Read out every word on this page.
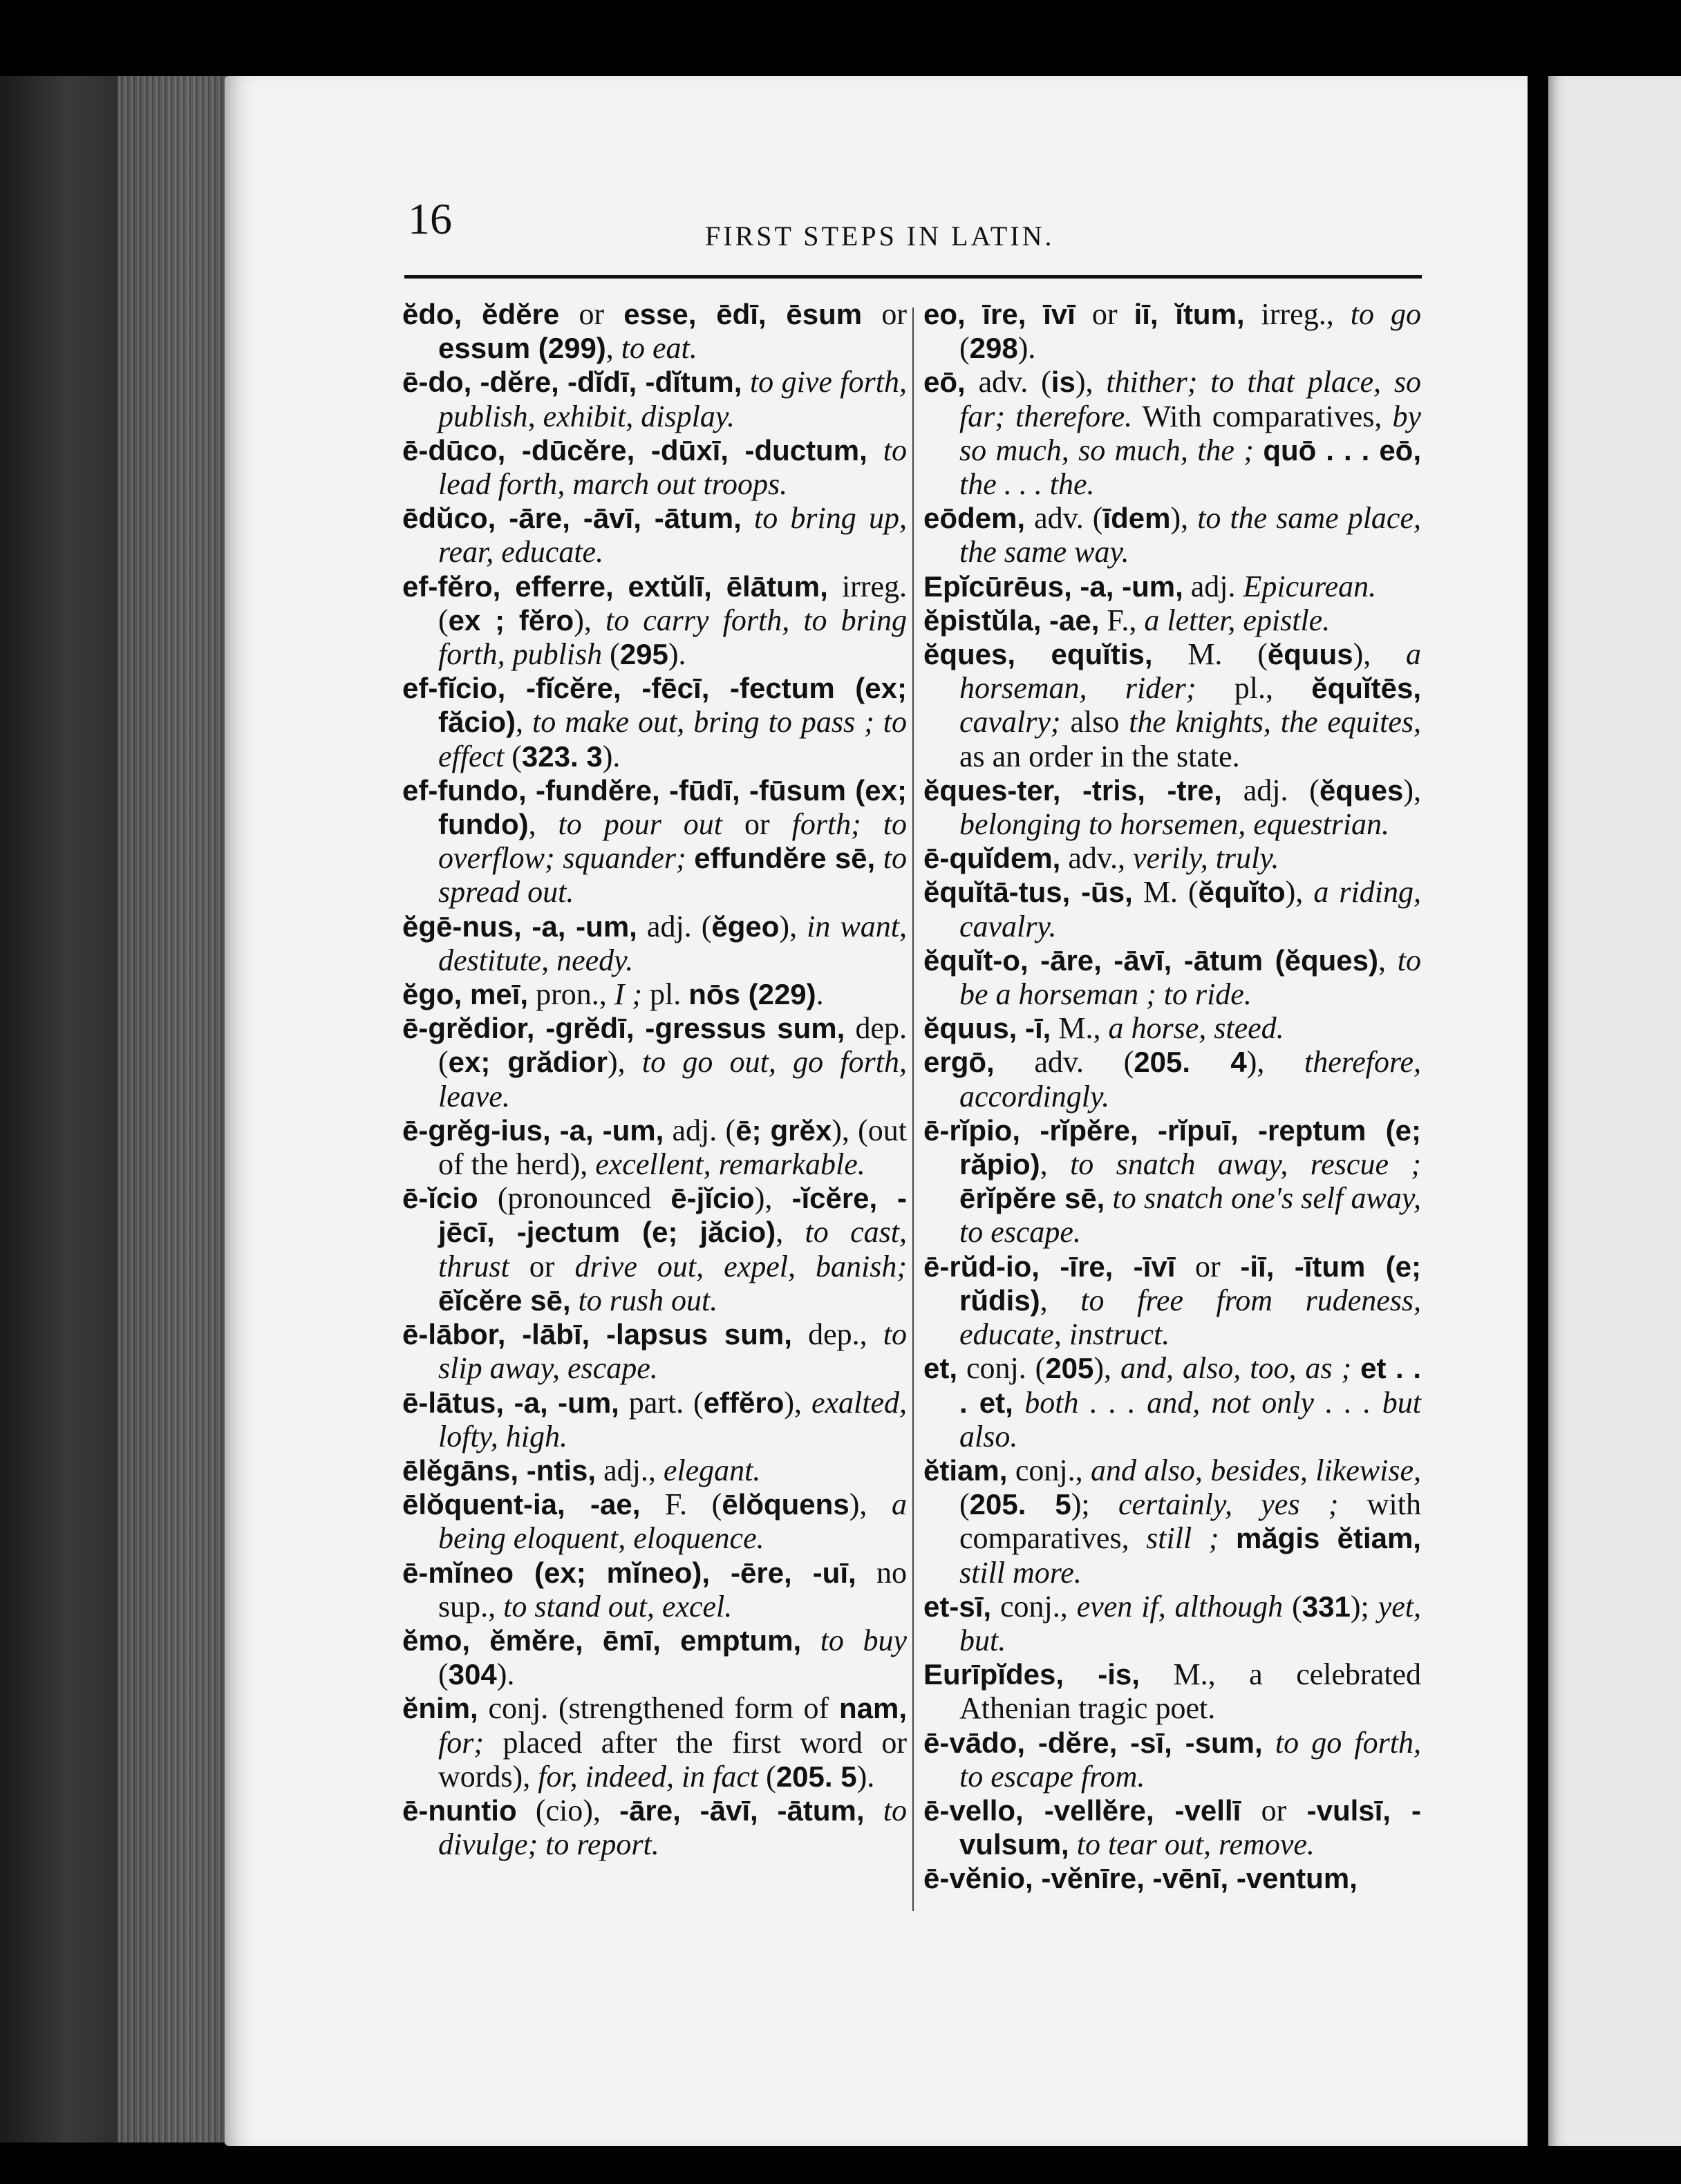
16	FIRST STEPS IN LATIN.

ĕdo, ĕdĕre or esse, ēdī, ēsum or essum (299), to eat.

ē-do, -dĕre, -dĭdī, -dĭtum, to give forth, publish, exhibit, display.

ē-dūco, -dūcĕre, -dūxī, -ductum, to lead forth, march out troops.

ēdŭco, -āre, -āvī, -ātum, to bring up, rear, educate.

ef-fĕro, efferre, extŭlī, ēlātum, irreg. (ex ; fĕro), to carry forth, to bring forth, publish (295).

ef-fĭcio, -fĭcĕre, -fēcī, -fectum (ex; făcio), to make out, bring to pass ; to effect (323. 3).

ef-fundo, -fundĕre, -fūdī, -fūsum (ex; fundo), to pour out or forth; to overflow; squander; effundĕre sē, to spread out.

ĕgē-nus, -a, -um, adj. (ĕgeo), in want, destitute, needy.

ĕgo, meī, pron., I ; pl. nōs (229).

ē-grĕdior, -grĕdī, -gressus sum, dep. (ex; grădior), to go out, go forth, leave.

ē-grĕg-ius, -a, -um, adj. (ē; grĕx), (out of the herd), excellent, remarkable.

ē-ĭcio (pronounced ē-jĭcio), -ĭcĕre, -jēcī, -jectum (e; jăcio), to cast, thrust or drive out, expel, banish; ēĭcĕre sē, to rush out.

ē-lābor, -lābī, -lapsus sum, dep., to slip away, escape.

ē-lātus, -a, -um, part. (effĕro), exalted, lofty, high.

ēlĕgāns, -ntis, adj., elegant.

ēlŏquent-ia, -ae, F. (ēlŏquens), a being eloquent, eloquence.

ē-mĭneo (ex; mĭneo), -ēre, -uī, no sup., to stand out, excel.

ĕmo, ĕmĕre, ēmī, emptum, to buy (304).

ĕnim, conj. (strengthened form of nam, for; placed after the first word or words), for, indeed, in fact (205. 5).

ē-nuntio (cio), -āre, -āvī, -ātum, to divulge; to report.

eo, īre, īvī or iī, ĭtum, irreg., to go (298).

eō, adv. (is), thither; to that place, so far; therefore. With comparatives, by so much, so much, the ; quō . . . eō, the . . . the.

eōdem, adv. (īdem), to the same place, the same way.

Epĭcūrēus, -a, -um, adj. Epicurean.

ĕpistŭla, -ae, F., a letter, epistle.

ĕques, equĭtis, M. (ĕquus), a horseman, rider; pl., ĕquĭtēs, cavalry; also the knights, the equites, as an order in the state.

ĕques-ter, -tris, -tre, adj. (ĕques), belonging to horsemen, equestrian.

ē-quĭdem, adv., verily, truly.

ĕquĭtā-tus, -ūs, M. (ĕquĭto), a riding, cavalry.

ĕquĭt-o, -āre, -āvī, -ātum (ĕques), to be a horseman ; to ride.

ĕquus, -ī, M., a horse, steed.

ergō, adv. (205. 4), therefore, accordingly.

ē-rĭpio, -rĭpĕre, -rĭpuī, -reptum (e; răpio), to snatch away, rescue ; ērĭpĕre sē, to snatch one's self away, to escape.

ē-rŭd-io, -īre, -īvī or -iī, -ītum (e; rŭdis), to free from rudeness, educate, instruct.

et, conj. (205), and, also, too, as ; et . . . et, both . . . and, not only . . . but also.

ĕtiam, conj., and also, besides, likewise, (205. 5); certainly, yes ; with comparatives, still ; măgis ĕtiam, still more.

et-sī, conj., even if, although (331); yet, but.

Eurīpĭdes, -is, M., a celebrated Athenian tragic poet.

ē-vādo, -dĕre, -sī, -sum, to go forth, to escape from.

ē-vello, -vellĕre, -vellī or -vulsī, -vulsum, to tear out, remove.

ē-vĕnio, -vĕnīre, -vēnī, -ventum,
